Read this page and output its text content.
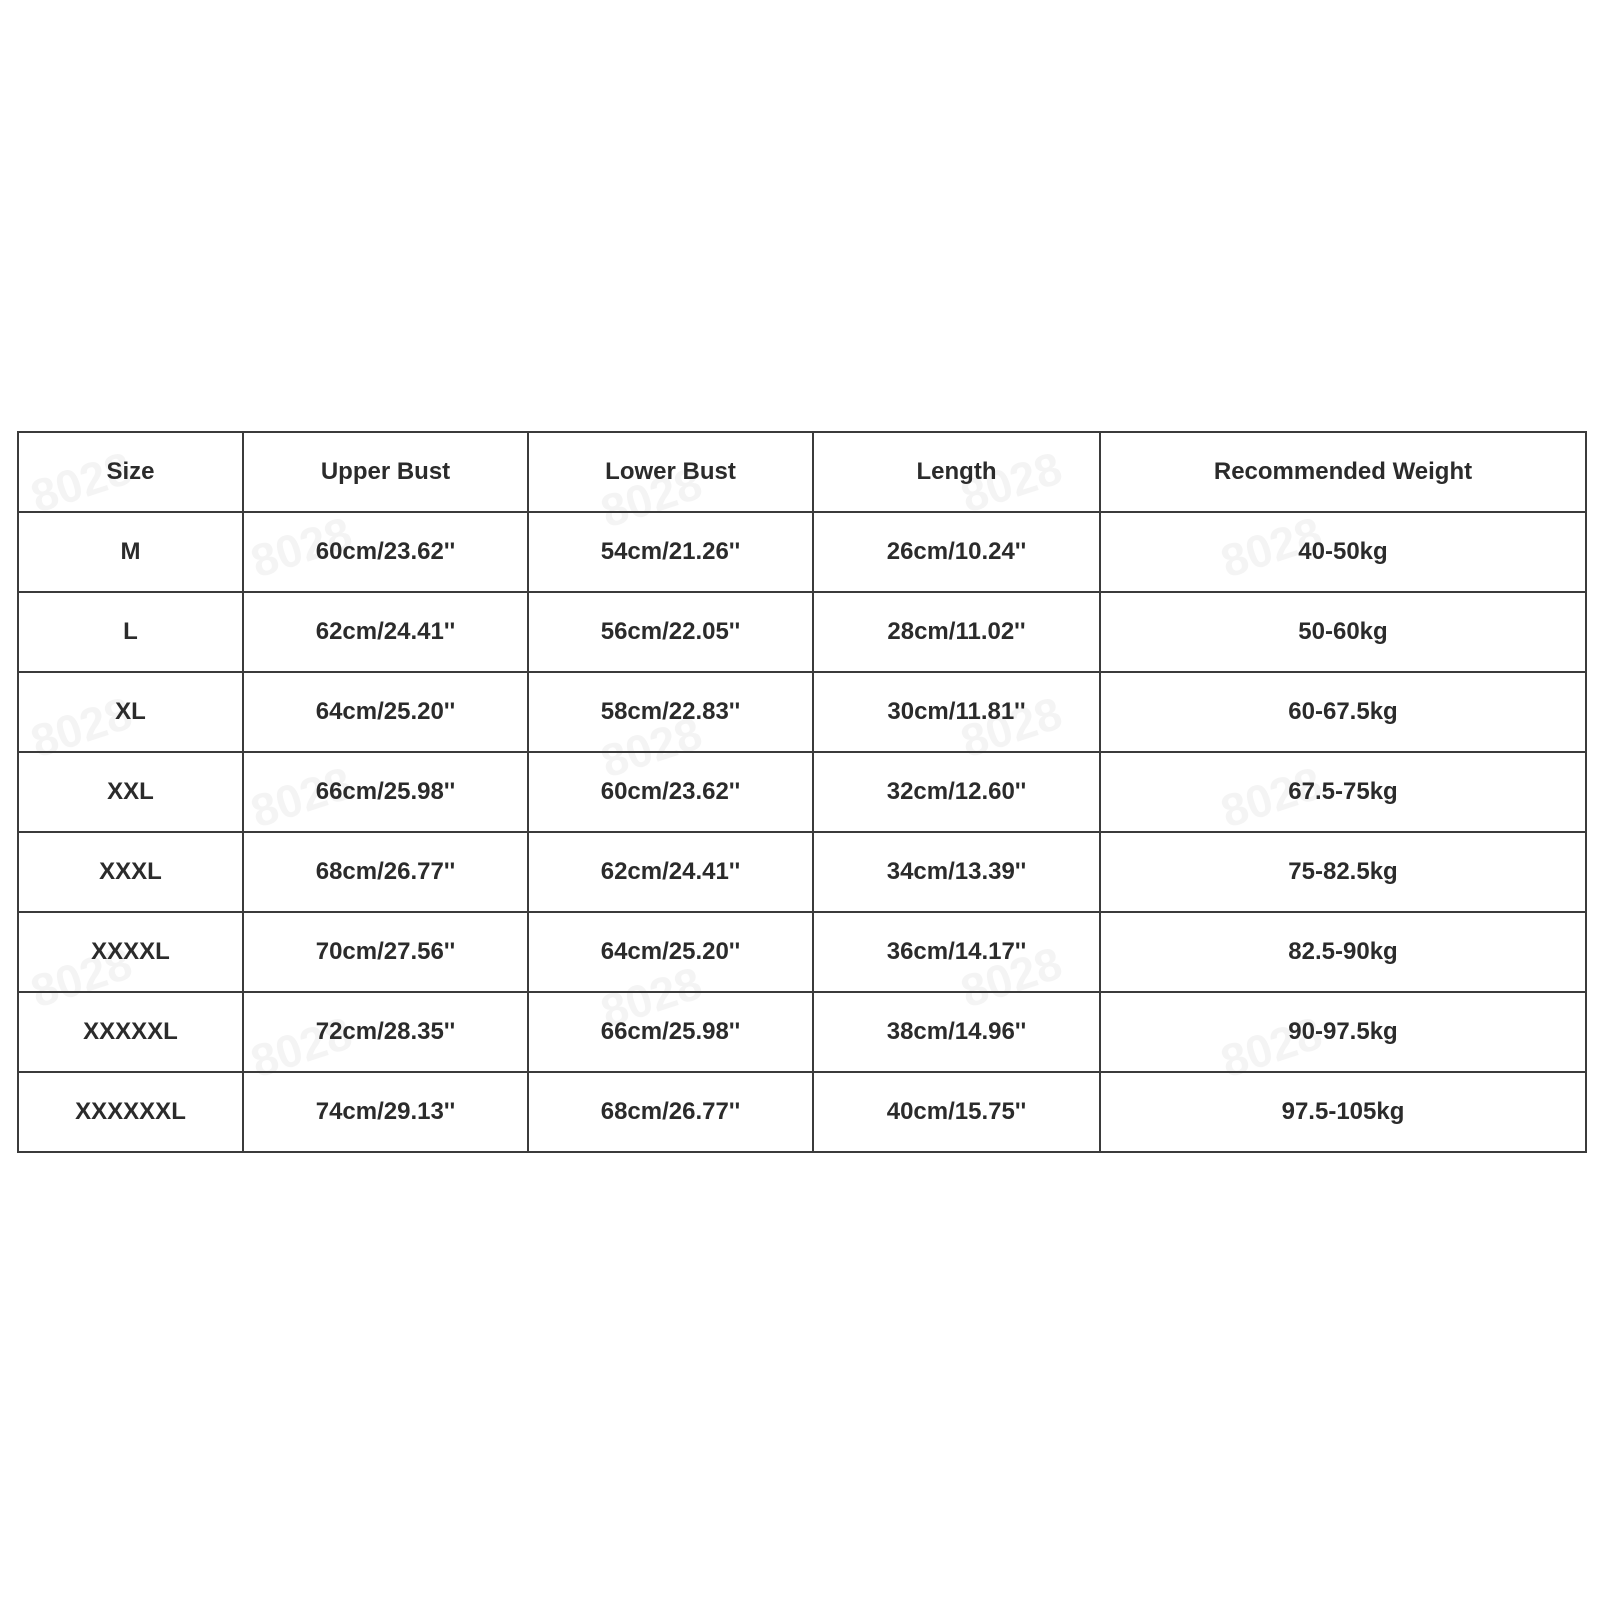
Size	Upper Bust	Lower Bust	Length	Recommended Weight
M	60cm/23.62''	54cm/21.26''	26cm/10.24''	40-50kg
L	62cm/24.41''	56cm/22.05''	28cm/11.02''	50-60kg
XL	64cm/25.20''	58cm/22.83''	30cm/11.81''	60-67.5kg
XXL	66cm/25.98''	60cm/23.62''	32cm/12.60''	67.5-75kg
XXXL	68cm/26.77''	62cm/24.41''	34cm/13.39''	75-82.5kg
XXXXL	70cm/27.56''	64cm/25.20''	36cm/14.17''	82.5-90kg
XXXXXL	72cm/28.35''	66cm/25.98''	38cm/14.96''	90-97.5kg
XXXXXXL	74cm/29.13''	68cm/26.77''	40cm/15.75''	97.5-105kg
